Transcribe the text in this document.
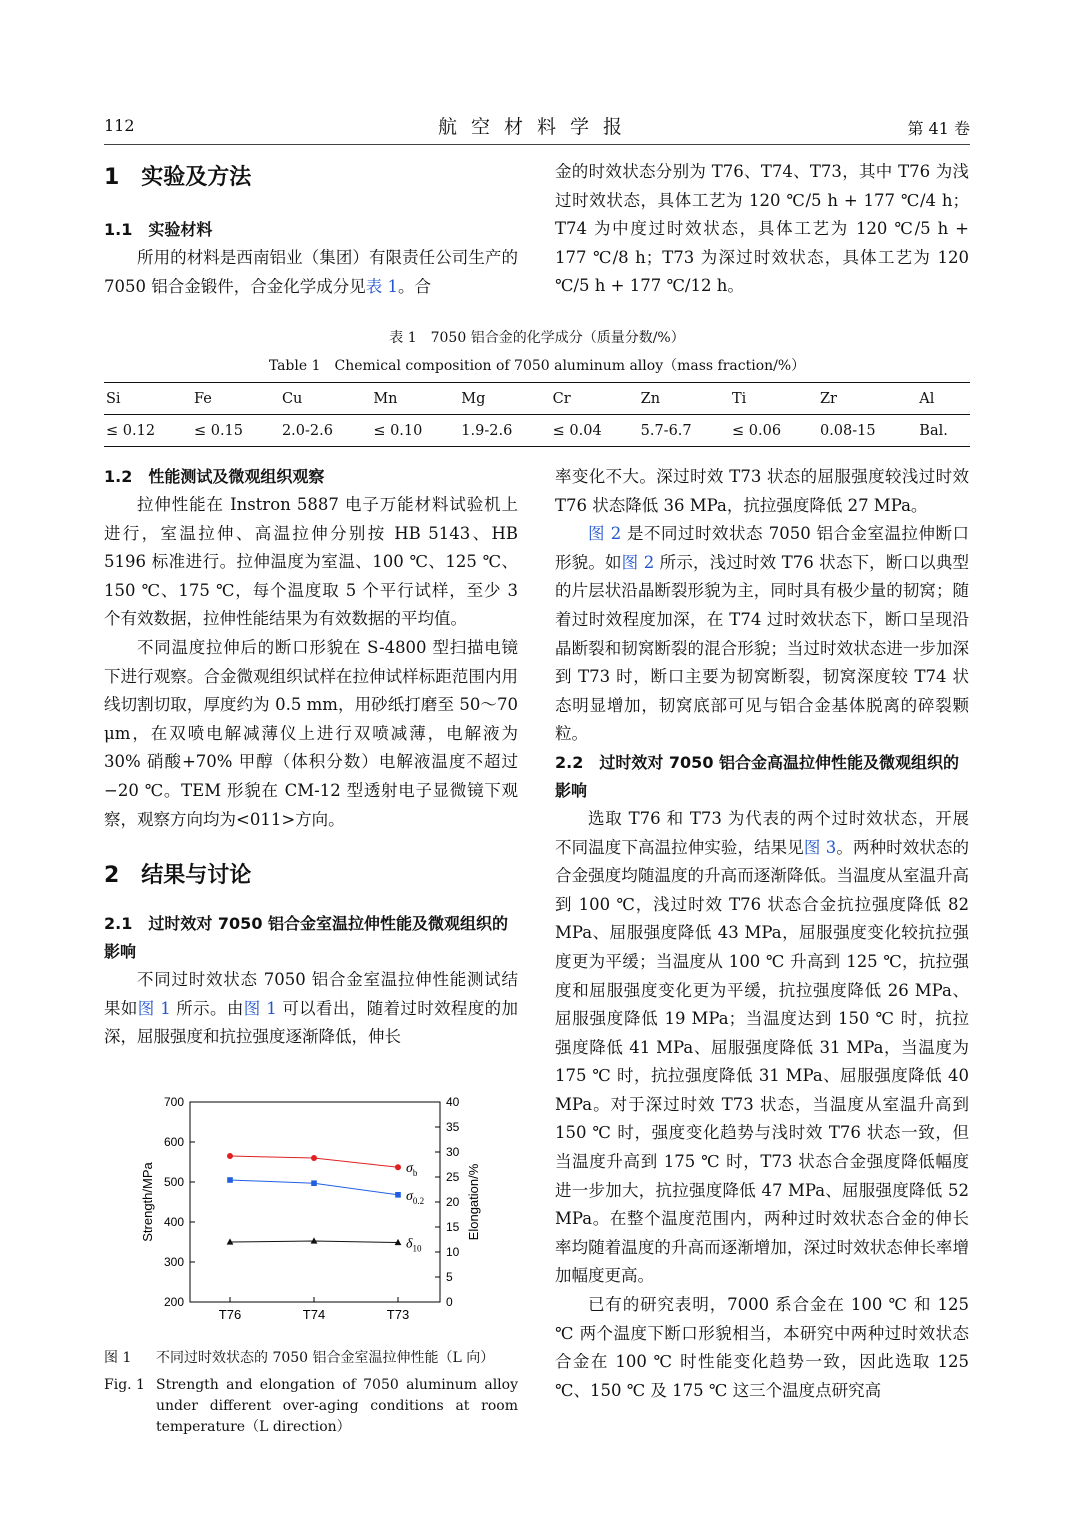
112	航空材料学报	第 41 卷
1　实验及方法
1.1　实验材料

所用的材料是西南铝业（集团）有限责任公司生产的 7050 铝合金锻件，合金化学成分见表 1。合

金的时效状态分别为 T76、T74、T73，其中 T76 为浅过时效状态，具体工艺为 120 ℃/5 h + 177 ℃/4 h；T74 为中度过时效状态，具体工艺为 120 ℃/5 h + 177 ℃/8 h；T73 为深过时效状态，具体工艺为 120 ℃/5 h + 177 ℃/12 h。

表 1　7050 铝合金的化学成分（质量分数/%）
Table 1　Chemical composition of 7050 aluminum alloy（mass fraction/%）
Si	Fe	Cu	Mn	Mg	Cr	Zn	Ti	Zr	Al
≤ 0.12	≤ 0.15	2.0-2.6	≤ 0.10	1.9-2.6	≤ 0.04	5.7-6.7	≤ 0.06	0.08-15	Bal.
1.2　性能测试及微观组织观察

拉伸性能在 Instron 5887 电子万能材料试验机上进行，室温拉伸、高温拉伸分别按 HB 5143、HB 5196 标准进行。拉伸温度为室温、100 ℃、125 ℃、150 ℃、175 ℃，每个温度取 5 个平行试样，至少 3 个有效数据，拉伸性能结果为有效数据的平均值。

不同温度拉伸后的断口形貌在 S-4800 型扫描电镜下进行观察。合金微观组织试样在拉伸试样标距范围内用线切割切取，厚度约为 0.5 mm，用砂纸打磨至 50～70 μm，在双喷电解减薄仪上进行双喷减薄，电解液为 30% 硝酸+70% 甲醇（体积分数）电解液温度不超过−20 ℃。TEM 形貌在 CM-12 型透射电子显微镜下观察，观察方向均为<011>方向。

2　结果与讨论
2.1　过时效对 7050 铝合金室温拉伸性能及微观组织的影响

不同过时效状态 7050 铝合金室温拉伸性能测试结果如图 1 所示。由图 1 可以看出，随着过时效程度的加深，屈服强度和抗拉强度逐渐降低，伸长

200
300
400
500
600
700
0
5
10
15
20
25
30
35
40
T76	T74	T73
Strength/MPa	Elongation/%
$\sigma_b$
$\sigma_{0.2}$
$\delta_{10}$
图 1 不同过时效状态的 7050 铝合金室温拉伸性能（L 向）
Fig. 1 Strength and elongation of 7050 aluminum alloy under different over-aging conditions at room temperature（L direction）

率变化不大。深过时效 T73 状态的屈服强度较浅过时效 T76 状态降低 36 MPa，抗拉强度降低 27 MPa。

图 2 是不同过时效状态 7050 铝合金室温拉伸断口形貌。如图 2 所示，浅过时效 T76 状态下，断口以典型的片层状沿晶断裂形貌为主，同时具有极少量的韧窝；随着过时效程度加深，在 T74 过时效状态下，断口呈现沿晶断裂和韧窝断裂的混合形貌；当过时效状态进一步加深到 T73 时，断口主要为韧窝断裂，韧窝深度较 T74 状态明显增加，韧窝底部可见与铝合金基体脱离的碎裂颗粒。

2.2　过时效对 7050 铝合金高温拉伸性能及微观组织的影响

选取 T76 和 T73 为代表的两个过时效状态，开展不同温度下高温拉伸实验，结果见图 3。两种时效状态的合金强度均随温度的升高而逐渐降低。当温度从室温升高到 100 ℃，浅过时效 T76 状态合金抗拉强度降低 82 MPa、屈服强度降低 43 MPa，屈服强度变化较抗拉强度更为平缓；当温度从 100 ℃ 升高到 125 ℃，抗拉强度和屈服强度变化更为平缓，抗拉强度降低 26 MPa、屈服强度降低 19 MPa；当温度达到 150 ℃ 时，抗拉强度降低 41 MPa、屈服强度降低 31 MPa，当温度为 175 ℃ 时，抗拉强度降低 31 MPa、屈服强度降低 40 MPa。对于深过时效 T73 状态，当温度从室温升高到 150 ℃ 时，强度变化趋势与浅时效 T76 状态一致，但当温度升高到 175 ℃ 时，T73 状态合金强度降低幅度进一步加大，抗拉强度降低 47 MPa、屈服强度降低 52 MPa。在整个温度范围内，两种过时效状态合金的伸长率均随着温度的升高而逐渐增加，深过时效状态伸长率增加幅度更高。

已有的研究表明，7000 系合金在 100 ℃ 和 125 ℃ 两个温度下断口形貌相当，本研究中两种过时效状态合金在 100 ℃ 时性能变化趋势一致，因此选取 125 ℃、150 ℃ 及 175 ℃ 这三个温度点研究高
